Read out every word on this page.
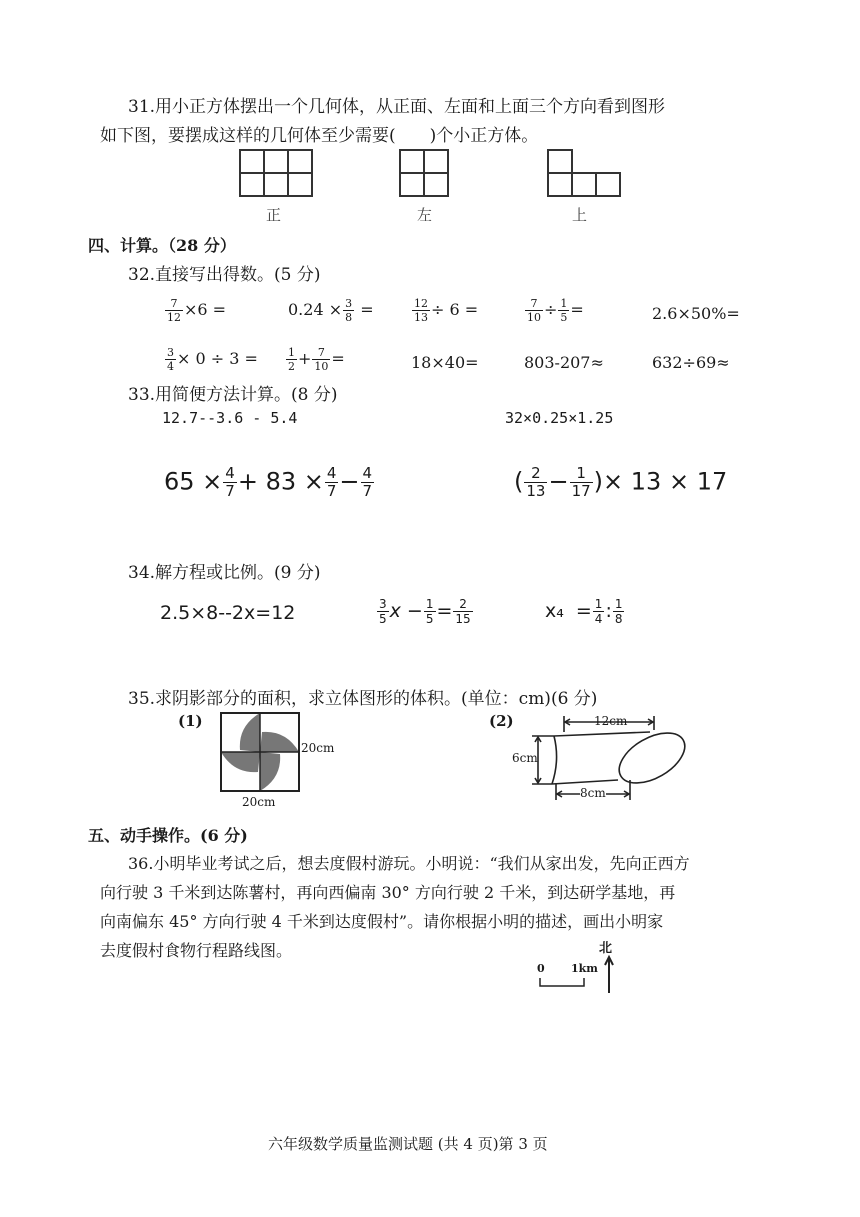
31.用小正方体摆出一个几何体，从正面、左面和上面三个方向看到图形
如下图，要摆成这样的几何体至少需要(　　)个小正方体。
正	左	上
四、计算。（28 分）
32.直接写出得数。(5 分)
$\frac{7}{12} \times 6$ =	$0.24 \times \frac{3}{8}$ =	$\frac{12}{13} \div 6$ =	$\frac{7}{10} \div \frac{1}{5}$ =	2.6×50%=
$\frac{3}{4} \times 0 \div 3$ =	$\frac{1}{2} + \frac{7}{10}$ =	18×40=	803-207≈	632÷69≈
33.用简便方法计算。(8 分)
12.7--3.6 - 5.4	32×0.25×1.25
$65 \times \frac{4}{7} + 83 \times \frac{4}{7} - \frac{4}{7}$	( $\frac{2}{13} - \frac{1}{17}$ )× 13 × 17
34.解方程或比例。(9 分)
2.5×8--2x=12	$\frac{3}{5}$ $x - \frac{1}{5} = \frac{2}{15}$	$x_4 = \frac{1}{4}$ : $\frac{1}{8}$
35.求阴影部分的面积，求立体图形的体积。(单位：cm)(6 分)
(1)
20cm
20cm
(2)	12cm
6cm
8cm
五、动手操作。(6 分)
36.小明毕业考试之后，想去度假村游玩。小明说：“我们从家出发，先向正西方
向行驶 3 千米到达陈薯村，再向西偏南 30° 方向行驶 2 千米，到达研学基地，再
向南偏东 45° 方向行驶 4 千米到达度假村”。请你根据小明的描述，画出小明家
去度假村食物行程路线图。	北
0 1km
六年级数学质量监测试题 (共 4 页)第 3 页
